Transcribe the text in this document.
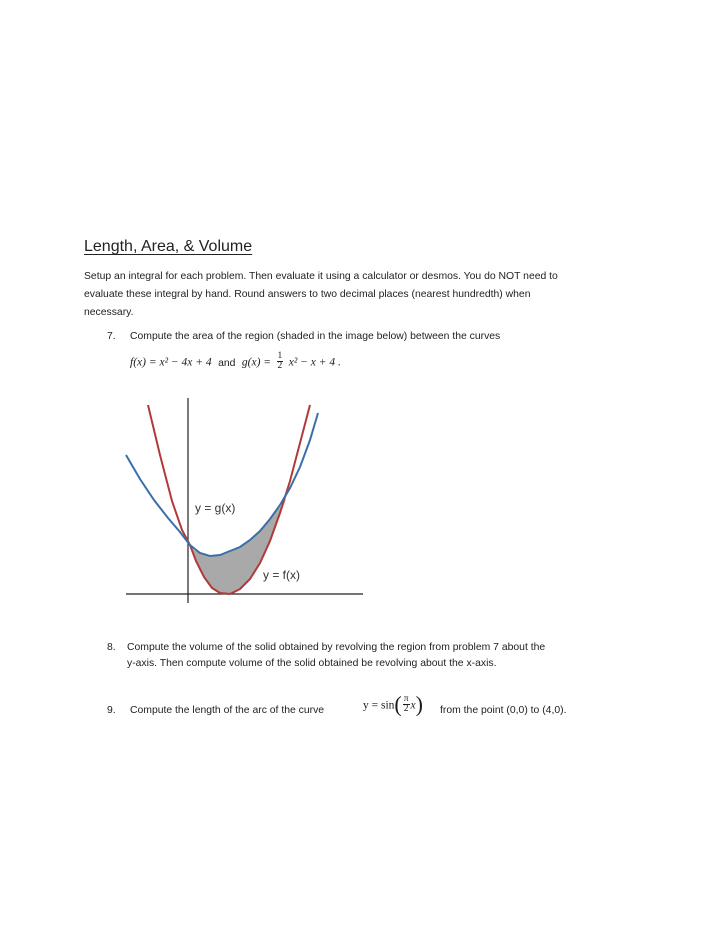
Length, Area, & Volume
Setup an integral for each problem. Then evaluate it using a calculator or desmos. You do NOT need to
evaluate these integral by hand. Round answers to two decimal places (nearest hundredth) when
necessary.
7. Compute the area of the region (shaded in the image below) between the curves
f(x) = x² − 4x + 4 and $g(x) = \frac{1}{2} x^2 - x + 4$ .
y = g(x)
y = f(x)
8. Compute the volume of the solid obtained by revolving the region from problem 7 about the
y-axis. Then compute volume of the solid obtained be revolving about the x-axis.
9. Compute the length of the arc of the curve	$y = \sin( \frac{\pi}{2} x)$ from the point (0,0) to (4,0).
